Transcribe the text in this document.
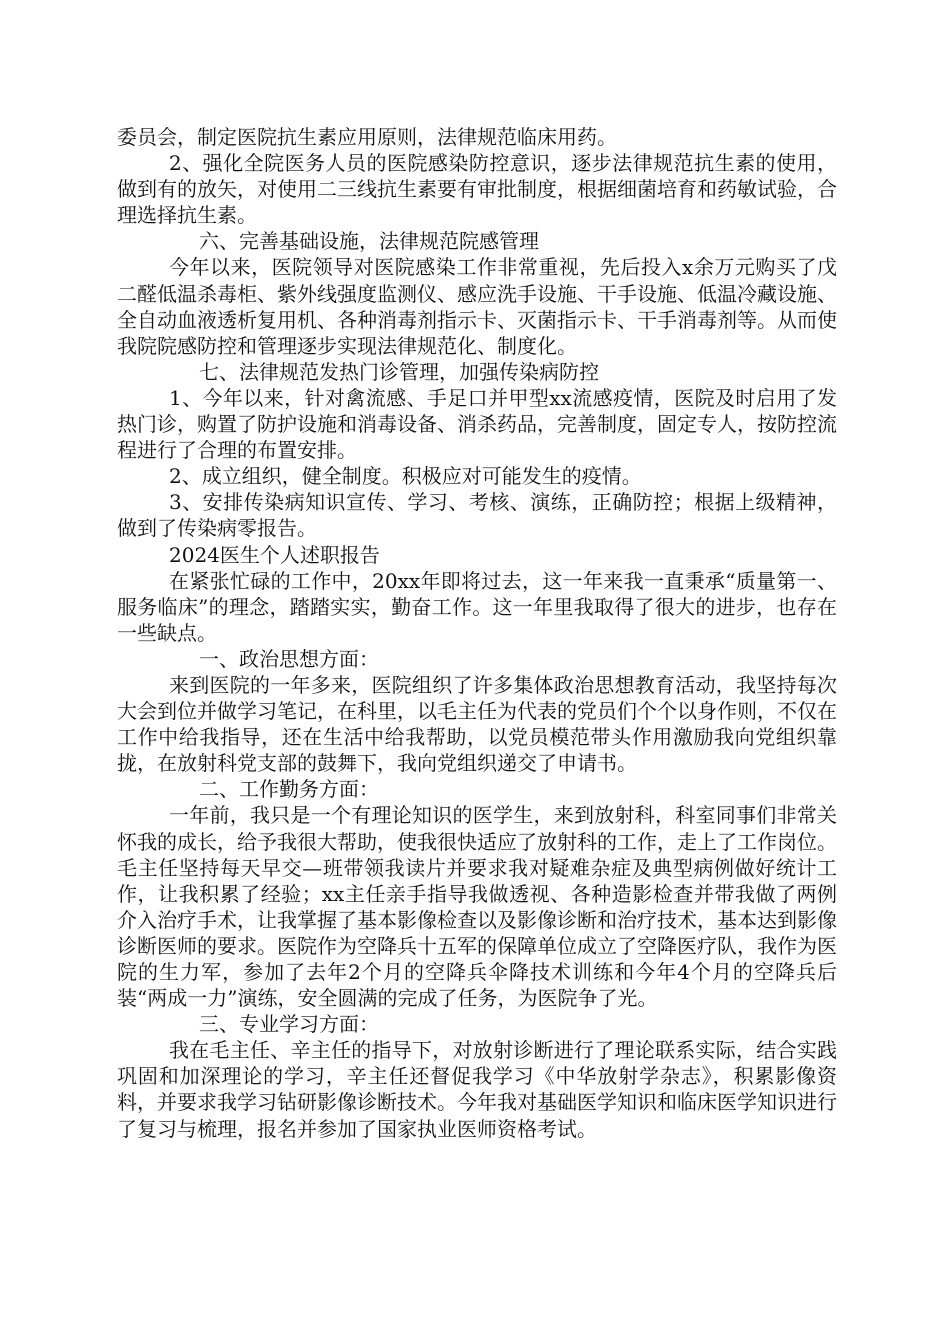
委员会，制定医院抗生素应用原则，法律规范临床用药。

2、强化全院医务人员的医院感染防控意识，逐步法律规范抗生素的使用，做到有的放矢，对使用二三线抗生素要有审批制度，根据细菌培育和药敏试验，合理选择抗生素。

六、完善基础设施，法律规范院感管理

今年以来，医院领导对医院感染工作非常重视，先后投入x余万元购买了戊二醛低温杀毒柜、紫外线强度监测仪、感应洗手设施、干手设施、低温冷藏设施、全自动血液透析复用机、各种消毒剂指示卡、灭菌指示卡、干手消毒剂等。从而使我院院感防控和管理逐步实现法律规范化、制度化。

七、法律规范发热门诊管理，加强传染病防控

1、今年以来，针对禽流感、手足口并甲型xx流感疫情，医院及时启用了发热门诊，购置了防护设施和消毒设备、消杀药品，完善制度，固定专人，按防控流程进行了合理的布置安排。

2、成立组织，健全制度。积极应对可能发生的疫情。

3、安排传染病知识宣传、学习、考核、演练，正确防控；根据上级精神，做到了传染病零报告。

2024医生个人述职报告

在紧张忙碌的工作中，20xx年即将过去，这一年来我一直秉承“质量第一、服务临床”的理念，踏踏实实，勤奋工作。这一年里我取得了很大的进步，也存在一些缺点。

一、政治思想方面：

来到医院的一年多来，医院组织了许多集体政治思想教育活动，我坚持每次大会到位并做学习笔记，在科里，以毛主任为代表的党员们个个以身作则，不仅在工作中给我指导，还在生活中给我帮助，以党员模范带头作用激励我向党组织靠拢，在放射科党支部的鼓舞下，我向党组织递交了申请书。

二、工作勤务方面：

一年前，我只是一个有理论知识的医学生，来到放射科，科室同事们非常关怀我的成长，给予我很大帮助，使我很快适应了放射科的工作，走上了工作岗位。毛主任坚持每天早交—班带领我读片并要求我对疑难杂症及典型病例做好统计工作，让我积累了经验；xx主任亲手指导我做透视、各种造影检查并带我做了两例介入治疗手术，让我掌握了基本影像检查以及影像诊断和治疗技术，基本达到影像诊断医师的要求。医院作为空降兵十五军的保障单位成立了空降医疗队，我作为医院的生力军，参加了去年2个月的空降兵伞降技术训练和今年4个月的空降兵后装“两成一力”演练，安全圆满的完成了任务，为医院争了光。

三、专业学习方面：

我在毛主任、辛主任的指导下，对放射诊断进行了理论联系实际，结合实践巩固和加深理论的学习，辛主任还督促我学习《中华放射学杂志》，积累影像资料，并要求我学习钻研影像诊断技术。今年我对基础医学知识和临床医学知识进行了复习与梳理，报名并参加了国家执业医师资格考试。
